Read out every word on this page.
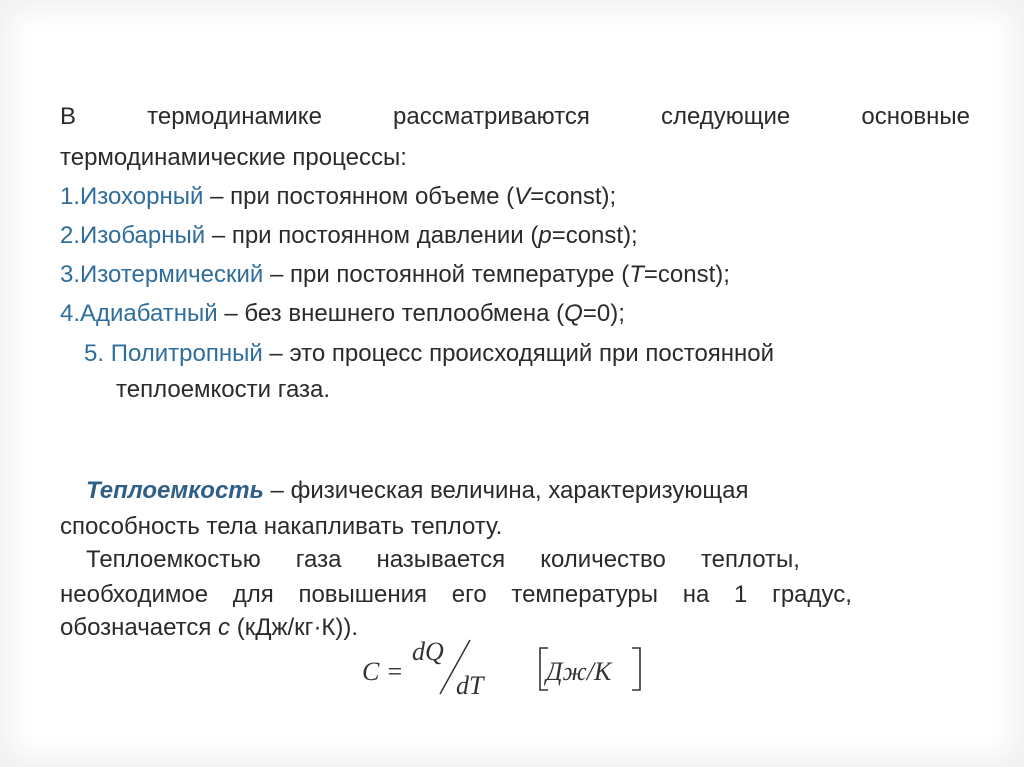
В	термодинамике	рассматриваются	следующие	основные
термодинамические процессы:
1.Изохорный – при постоянном объеме (V=const);
2.Изобарный – при постоянном давлении (p=const);
3.Изотермический – при постоянной температуре (T=const);
4.Адиабатный – без внешнего теплообмена (Q=0);
5. Политропный – это процесс происходящий при постоянной
теплоемкости газа.
Теплоемкость – физическая величина, характеризующая
способность тела накапливать теплоту.
Теплоемкостью газа называется количество теплоты,
необходимое для повышения его температуры на 1 градус,
обозначается c (кДж/кг·К)).
C =
dQ
dT Дж/К
